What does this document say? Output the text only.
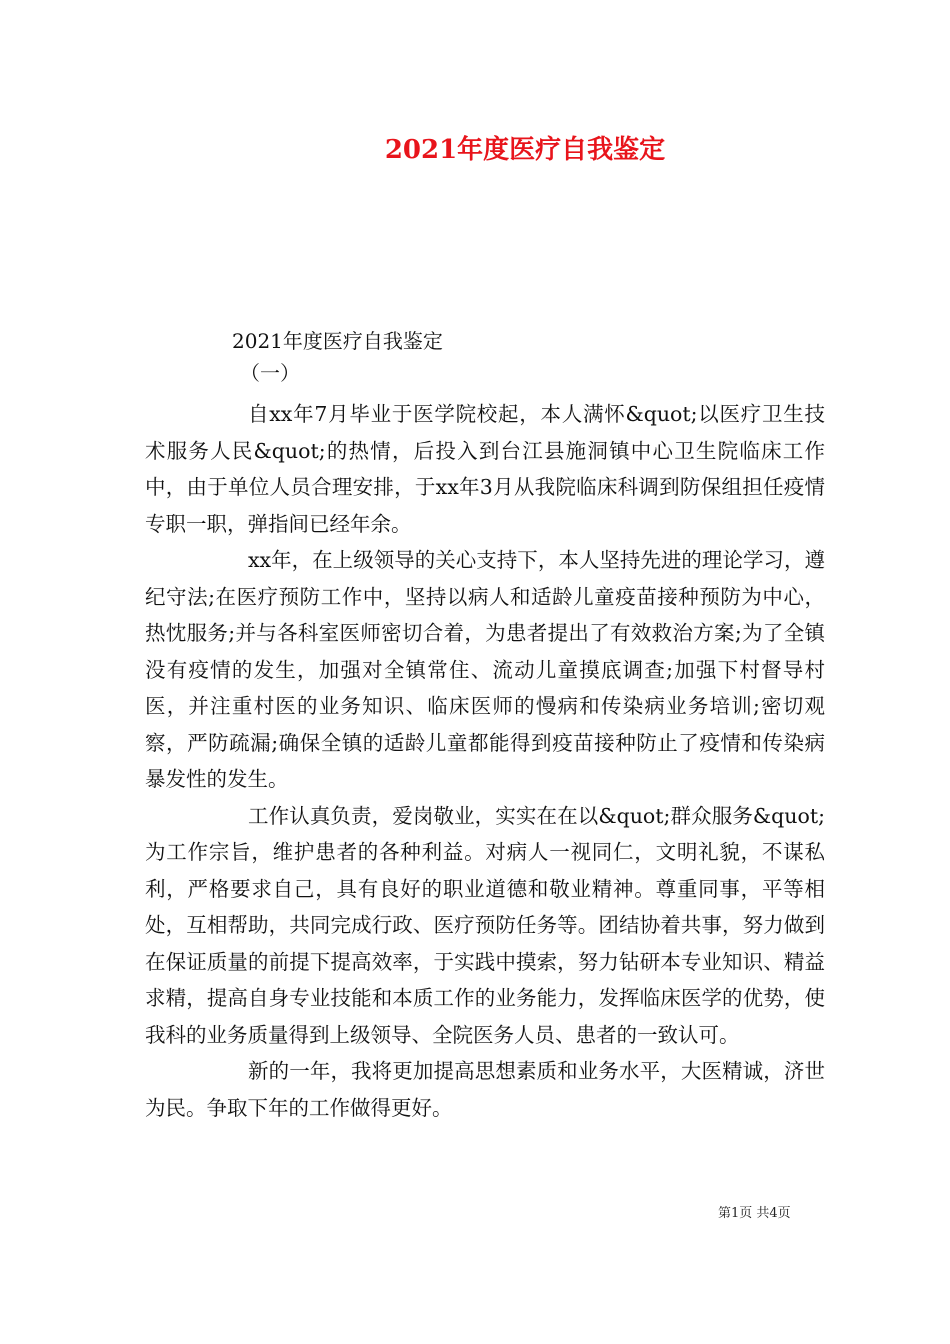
2021年度医疗自我鉴定
2021年度医疗自我鉴定
（一）

自xx年7月毕业于医学院校起，本人满怀&quot;以医疗卫生技术服务人民&quot;的热情，后投入到台江县施洞镇中心卫生院临床工作中，由于单位人员合理安排，于xx年3月从我院临床科调到防保组担任疫情专职一职，弹指间已经年余。

xx年，在上级领导的关心支持下，本人坚持先进的理论学习，遵纪守法;在医疗预防工作中，坚持以病人和适龄儿童疫苗接种预防为中心，热忱服务;并与各科室医师密切合着，为患者提出了有效救治方案;为了全镇没有疫情的发生，加强对全镇常住、流动儿童摸底调查;加强下村督导村医，并注重村医的业务知识、临床医师的慢病和传染病业务培训;密切观察，严防疏漏;确保全镇的适龄儿童都能得到疫苗接种防止了疫情和传染病暴发性的发生。

工作认真负责，爱岗敬业，实实在在以&quot;群众服务&quot;为工作宗旨，维护患者的各种利益。对病人一视同仁，文明礼貌，不谋私利，严格要求自己，具有良好的职业道德和敬业精神。尊重同事，平等相处，互相帮助，共同完成行政、医疗预防任务等。团结协着共事，努力做到在保证质量的前提下提高效率，于实践中摸索，努力钻研本专业知识、精益求精，提高自身专业技能和本质工作的业务能力，发挥临床医学的优势，使我科的业务质量得到上级领导、全院医务人员、患者的一致认可。

新的一年，我将更加提高思想素质和业务水平，大医精诚，济世为民。争取下年的工作做得更好。

第1页 共4页
